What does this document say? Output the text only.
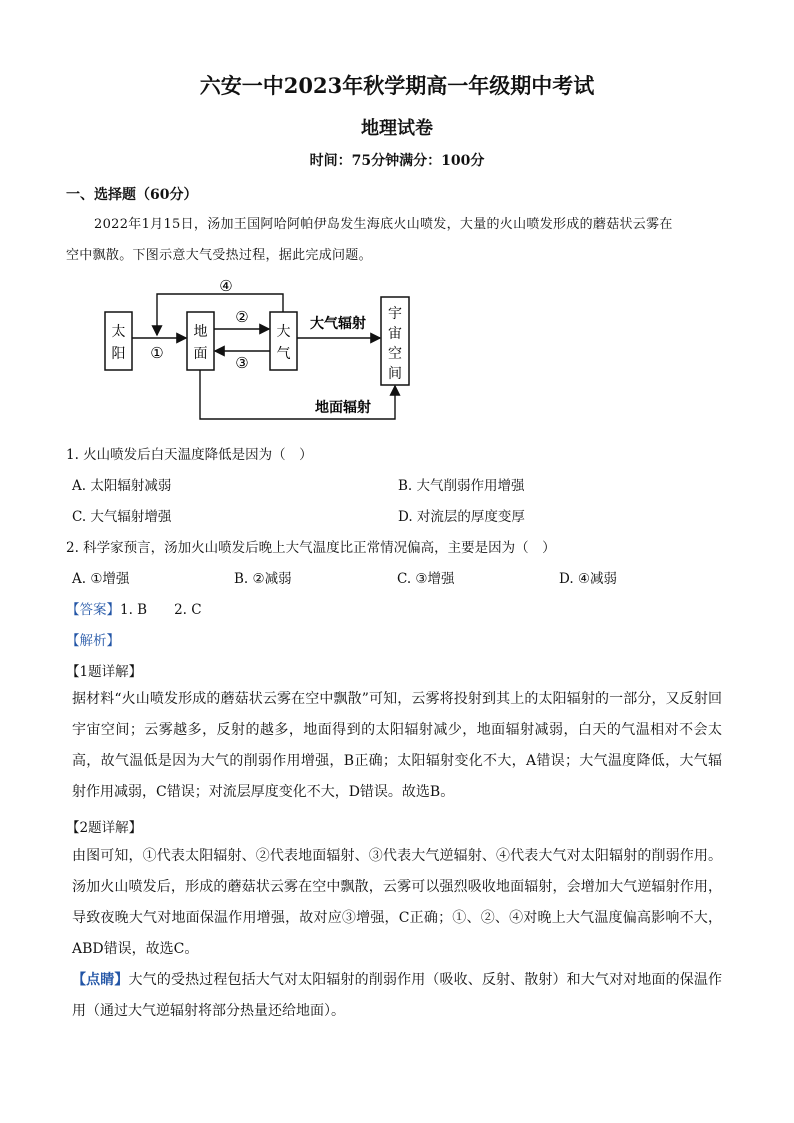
六安一中2023年秋学期高一年级期中考试
地理试卷
时间：75分钟满分：100分
一、选择题（60分）
2022年1月15日，汤加王国阿哈阿帕伊岛发生海底火山喷发，大量的火山喷发形成的蘑菇状云雾在
空中飘散。下图示意大气受热过程，据此完成问题。
太
阳
地
面
大
气
宇
宙
空
间
④
①
②
③
大气辐射
地面辐射
1. 火山喷发后白天温度降低是因为（　）
A. 太阳辐射减弱	B. 大气削弱作用增强
C. 大气辐射增强	D. 对流层的厚度变厚
2. 科学家预言，汤加火山喷发后晚上大气温度比正常情况偏高，主要是因为（　）
A. ①增强	B. ②减弱	C. ③增强	D. ④减弱
【答案】1. B　　2. C
【解析】
【1题详解】
据材料“火山喷发形成的蘑菇状云雾在空中飘散”可知，云雾将投射到其上的太阳辐射的一部分，又反射回宇宙空间；云雾越多，反射的越多，地面得到的太阳辐射减少，地面辐射减弱，白天的气温相对不会太高，故气温低是因为大气的削弱作用增强，B正确；太阳辐射变化不大，A错误；大气温度降低，大气辐射作用减弱，C错误；对流层厚度变化不大，D错误。故选B。
【2题详解】
由图可知，①代表太阳辐射、②代表地面辐射、③代表大气逆辐射、④代表大气对太阳辐射的削弱作用。汤加火山喷发后，形成的蘑菇状云雾在空中飘散，云雾可以强烈吸收地面辐射，会增加大气逆辐射作用，导致夜晚大气对地面保温作用增强，故对应③增强，C正确；①、②、④对晚上大气温度偏高影响不大，ABD错误，故选C。
【点睛】大气的受热过程包括大气对太阳辐射的削弱作用（吸收、反射、散射）和大气对对地面的保温作用（通过大气逆辐射将部分热量还给地面）。
